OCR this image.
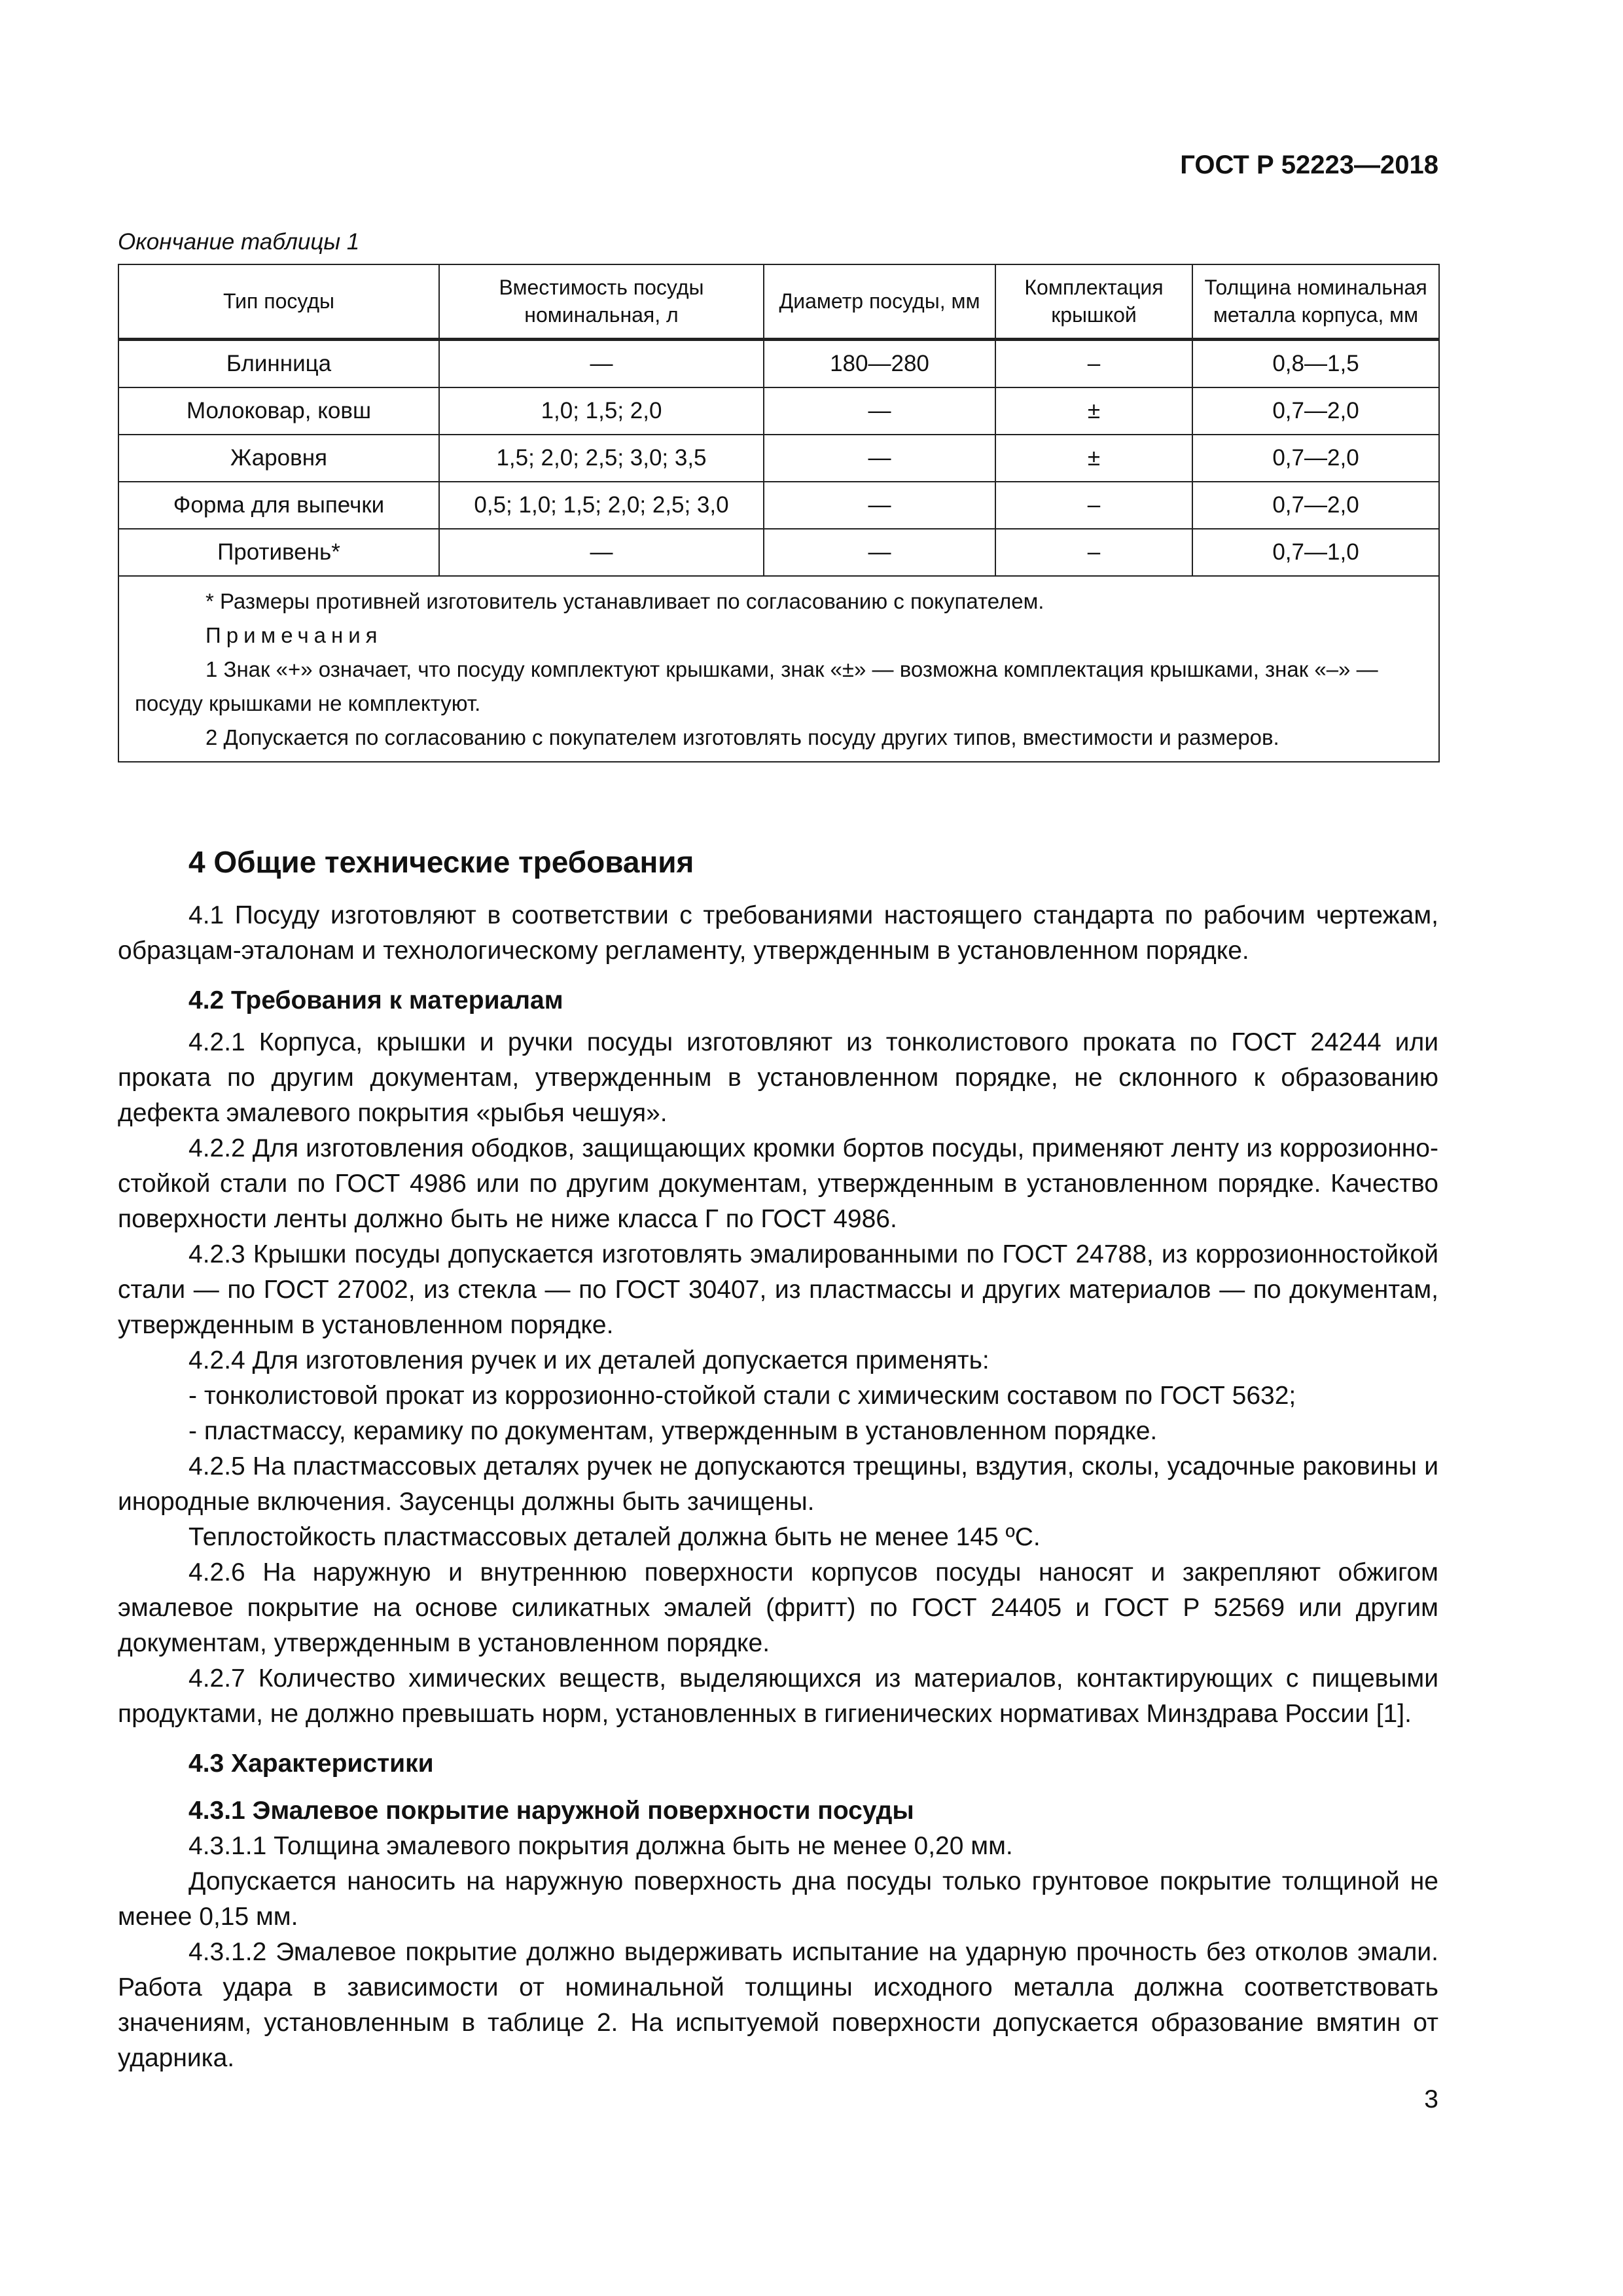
ГОСТ Р 52223—2018
Окончание таблицы 1
Тип посуды	Вместимость посуды номинальная, л	Диаметр посуды, мм	Комплектация крышкой	Толщина номинальная металла корпуса, мм
Блинница	—	180—280	–	0,8—1,5
Молоковар, ковш	1,0; 1,5; 2,0	—	±	0,7—2,0
Жаровня	1,5; 2,0; 2,5; 3,0; 3,5	—	±	0,7—2,0
Форма для выпечки	0,5; 1,0; 1,5; 2,0; 2,5; 3,0	—	–	0,7—2,0
Противень*	—	—	–	0,7—1,0

* Размеры противней изготовитель устанавливает по согласованию с покупателем.

Примечания

1 Знак «+» означает, что посуду комплектуют крышками, знак «±» — возможна комплектация крышками, знак «–» — посуду крышками не комплектуют.

2 Допускается по согласованию с покупателем изготовлять посуду других типов, вместимости и размеров.				

4 Общие технические требования

4.1 Посуду изготовляют в соответствии с требованиями настоящего стандарта по рабочим чертежам, образцам-эталонам и технологическому регламенту, утвержденным в установленном порядке.

4.2 Требования к материалам

4.2.1 Корпуса, крышки и ручки посуды изготовляют из тонколистового проката по ГОСТ 24244 или проката по другим документам, утвержденным в установленном порядке, не склонного к образованию дефекта эмалевого покрытия «рыбья чешуя».

4.2.2 Для изготовления ободков, защищающих кромки бортов посуды, применяют ленту из коррозионно-стойкой стали по ГОСТ 4986 или по другим документам, утвержденным в установленном порядке. Качество поверхности ленты должно быть не ниже класса Г по ГОСТ 4986.

4.2.3 Крышки посуды допускается изготовлять эмалированными по ГОСТ 24788, из коррозионностойкой стали — по ГОСТ 27002, из стекла — по ГОСТ 30407, из пластмассы и других материалов — по документам, утвержденным в установленном порядке.

4.2.4 Для изготовления ручек и их деталей допускается применять:

- тонколистовой прокат из коррозионно-стойкой стали с химическим составом по ГОСТ 5632;

- пластмассу, керамику по документам, утвержденным в установленном порядке.

4.2.5 На пластмассовых деталях ручек не допускаются трещины, вздутия, сколы, усадочные раковины и инородные включения. Заусенцы должны быть зачищены.

Теплостойкость пластмассовых деталей должна быть не менее 145 ºС.

4.2.6 На наружную и внутреннюю поверхности корпусов посуды наносят и закрепляют обжигом эмалевое покрытие на основе силикатных эмалей (фритт) по ГОСТ 24405 и ГОСТ Р 52569 или другим документам, утвержденным в установленном порядке.

4.2.7 Количество химических веществ, выделяющихся из материалов, контактирующих с пищевыми продуктами, не должно превышать норм, установленных в гигиенических нормативах Минздрава России [1].

4.3 Характеристики
4.3.1 Эмалевое покрытие наружной поверхности посуды

4.3.1.1 Толщина эмалевого покрытия должна быть не менее 0,20 мм.

Допускается наносить на наружную поверхность дна посуды только грунтовое покрытие толщиной не менее 0,15 мм.

4.3.1.2 Эмалевое покрытие должно выдерживать испытание на ударную прочность без отколов эмали. Работа удара в зависимости от номинальной толщины исходного металла должна соответствовать значениям, установленным в таблице 2. На испытуемой поверхности допускается образование вмятин от ударника.

3
